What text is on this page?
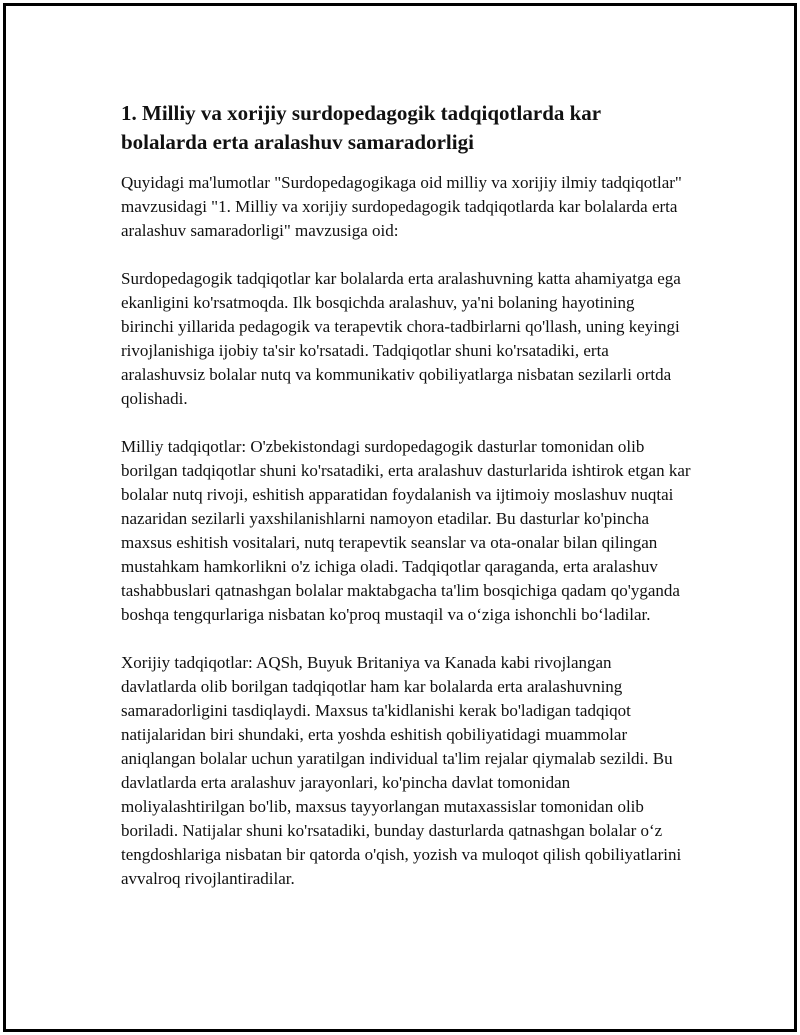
1. Milliy va xorijiy surdopedagogik tadqiqotlarda kar bolalarda erta aralashuv samaradorligi

Quyidagi ma'lumotlar "Surdopedagogikaga oid milliy va xorijiy ilmiy tadqiqotlar" mavzusidagi "1. Milliy va xorijiy surdopedagogik tadqiqotlarda kar bolalarda erta aralashuv samaradorligi" mavzusiga oid:

Surdopedagogik tadqiqotlar kar bolalarda erta aralashuvning katta ahamiyatga ega ekanligini ko'rsatmoqda. Ilk bosqichda aralashuv, ya'ni bolaning hayotining birinchi yillarida pedagogik va terapevtik chora-tadbirlarni qo'llash, uning keyingi rivojlanishiga ijobiy ta'sir ko'rsatadi. Tadqiqotlar shuni ko'rsatadiki, erta aralashuvsiz bolalar nutq va kommunikativ qobiliyatlarga nisbatan sezilarli ortda qolishadi.

Milliy tadqiqotlar: O'zbekistondagi surdopedagogik dasturlar tomonidan olib borilgan tadqiqotlar shuni ko'rsatadiki, erta aralashuv dasturlarida ishtirok etgan kar bolalar nutq rivoji, eshitish apparatidan foydalanish va ijtimoiy moslashuv nuqtai nazaridan sezilarli yaxshilanishlarni namoyon etadilar. Bu dasturlar ko'pincha maxsus eshitish vositalari, nutq terapevtik seanslar va ota-onalar bilan qilingan mustahkam hamkorlikni o'z ichiga oladi. Tadqiqotlar qaraganda, erta aralashuv tashabbuslari qatnashgan bolalar maktabgacha ta'lim bosqichiga qadam qo'yganda boshqa tengqurlariga nisbatan ko'proq mustaqil va o‘ziga ishonchli bo‘ladilar.

Xorijiy tadqiqotlar: AQSh, Buyuk Britaniya va Kanada kabi rivojlangan davlatlarda olib borilgan tadqiqotlar ham kar bolalarda erta aralashuvning samaradorligini tasdiqlaydi. Maxsus ta'kidlanishi kerak bo'ladigan tadqiqot natijalaridan biri shundaki, erta yoshda eshitish qobiliyatidagi muammolar aniqlangan bolalar uchun yaratilgan individual ta'lim rejalar qiymalab sezildi. Bu davlatlarda erta aralashuv jarayonlari, ko'pincha davlat tomonidan moliyalashtirilgan bo'lib, maxsus tayyorlangan mutaxassislar tomonidan olib boriladi. Natijalar shuni ko'rsatadiki, bunday dasturlarda qatnashgan bolalar o‘z tengdoshlariga nisbatan bir qatorda o'qish, yozish va muloqot qilish qobiliyatlarini avvalroq rivojlantiradilar.
